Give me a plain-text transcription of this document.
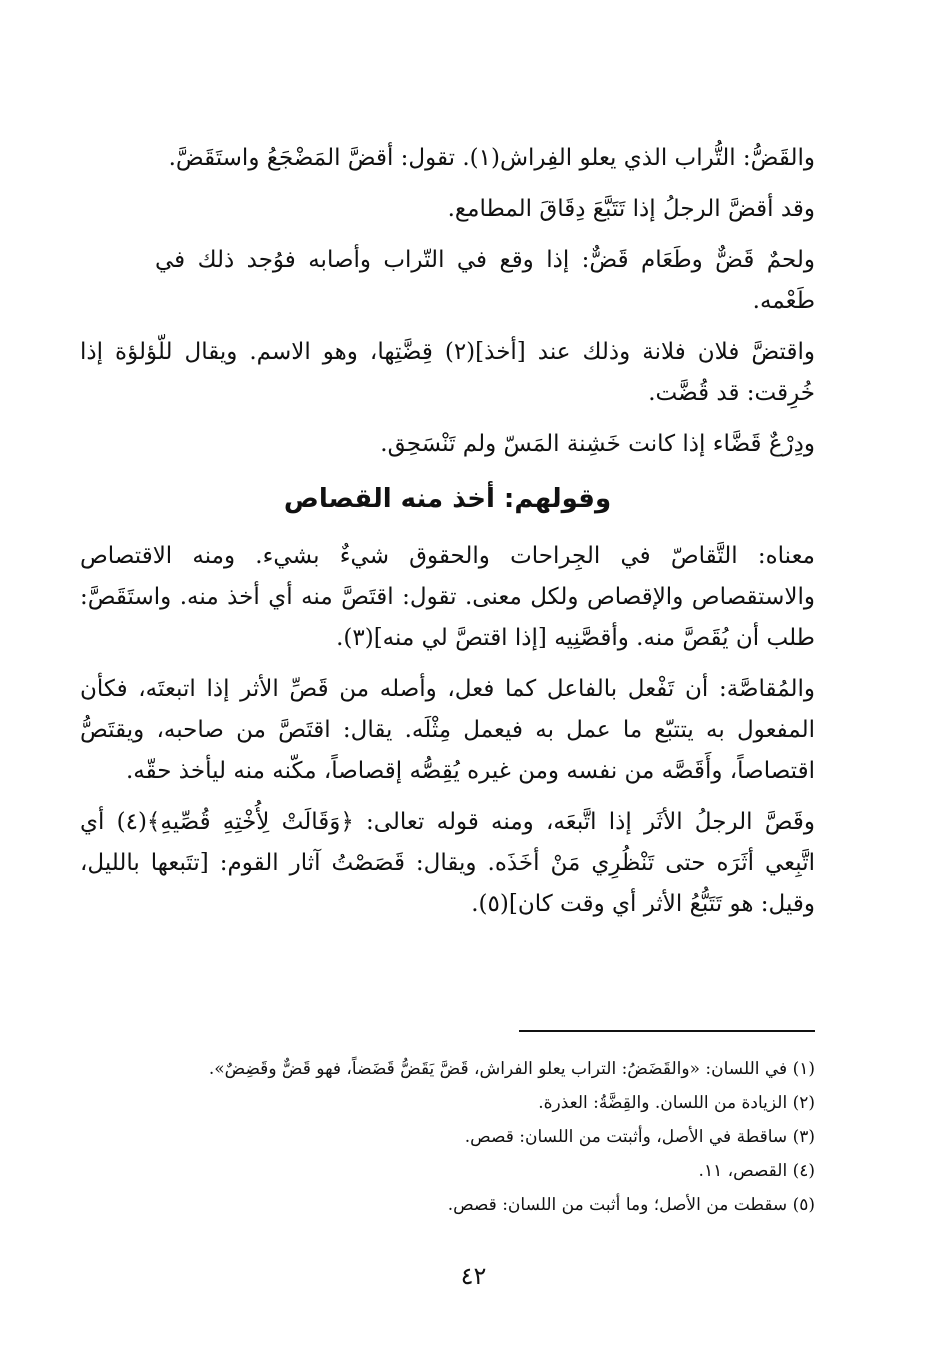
والقَضُّ: التُّراب الذي يعلو الفِراش(١). تقول: أقضَّ المَضْجَعُ واستَقَضَّ.

وقد أقضَّ الرجلُ إذا تَتَبَّعَ دِقَاقَ المطامع.

ولحمٌ قَضٌّ وطَعَام قَضٌّ: إذا وقع في التّراب وأصابه فوُجد ذلك في طَعْمه.

واقتضَّ فلان فلانة وذلك عند [أخذ](٢) قِضَّتِها، وهو الاسم. ويقال للّؤلؤة إذا خُرِقت: قد قُضَّت.

ودِرْعٌ قَضَّاء إذا كانت خَشِنة المَسّ ولم تَنْسَحِق.

وقولهم: أخذ منه القصاص

معناه: التَّقاصّ في الجِراحات والحقوق شيءٌ بشيء. ومنه الاقتصاص والاستقصاص والإقصاص ولكل معنى. تقول: اقتَصَّ منه أي أخذ منه. واستَقَصَّ: طلب أن يُقَصَّ منه. وأقصَّنِيه [إذا اقتصَّ لي منه](٣).

والمُقاصَّة: أن تَفْعل بالفاعل كما فعل، وأصله من قَصِّ الأثر إذا اتبعتَه، فكأن المفعول به يتتبّع ما عمل به فيعمل مِثْلَه. يقال: اقتَصَّ من صاحبه، ويقتَصُّ اقتصاصاً، وأَقَصَّه من نفسه ومن غيره يُقِصُّه إقصاصاً، مكّنه منه ليأخذ حقّه.

وقَصَّ الرجلُ الأثَر إذا اتَّبعَه، ومنه قوله تعالى: ﴿وَقَالَتْ لِأُخْتِهِ قُصِّيهِ﴾(٤) أي اتَّبِعي أثَرَه حتى تَنْظُرِي مَنْ أخَذَه. ويقال: قَصَصْتُ آثار القوم: [تتَبعها بالليل، وقيل: هو تَتَبُّعُ الأثر أي وقت كان](٥).

(١) في اللسان: «والقَضَضُ: التراب يعلو الفراش، قَضَّ يَقَضُّ قَضَضاً، فهو قَضٌّ وقَضِضٌ».

(٢) الزيادة من اللسان. والقِضَّةُ: العذرة.

(٣) ساقطة في الأصل، وأثبتت من اللسان: قصص.

(٤) القصص، ١١.

(٥) سقطت من الأصل؛ وما أثبت من اللسان: قصص.

٤٢
